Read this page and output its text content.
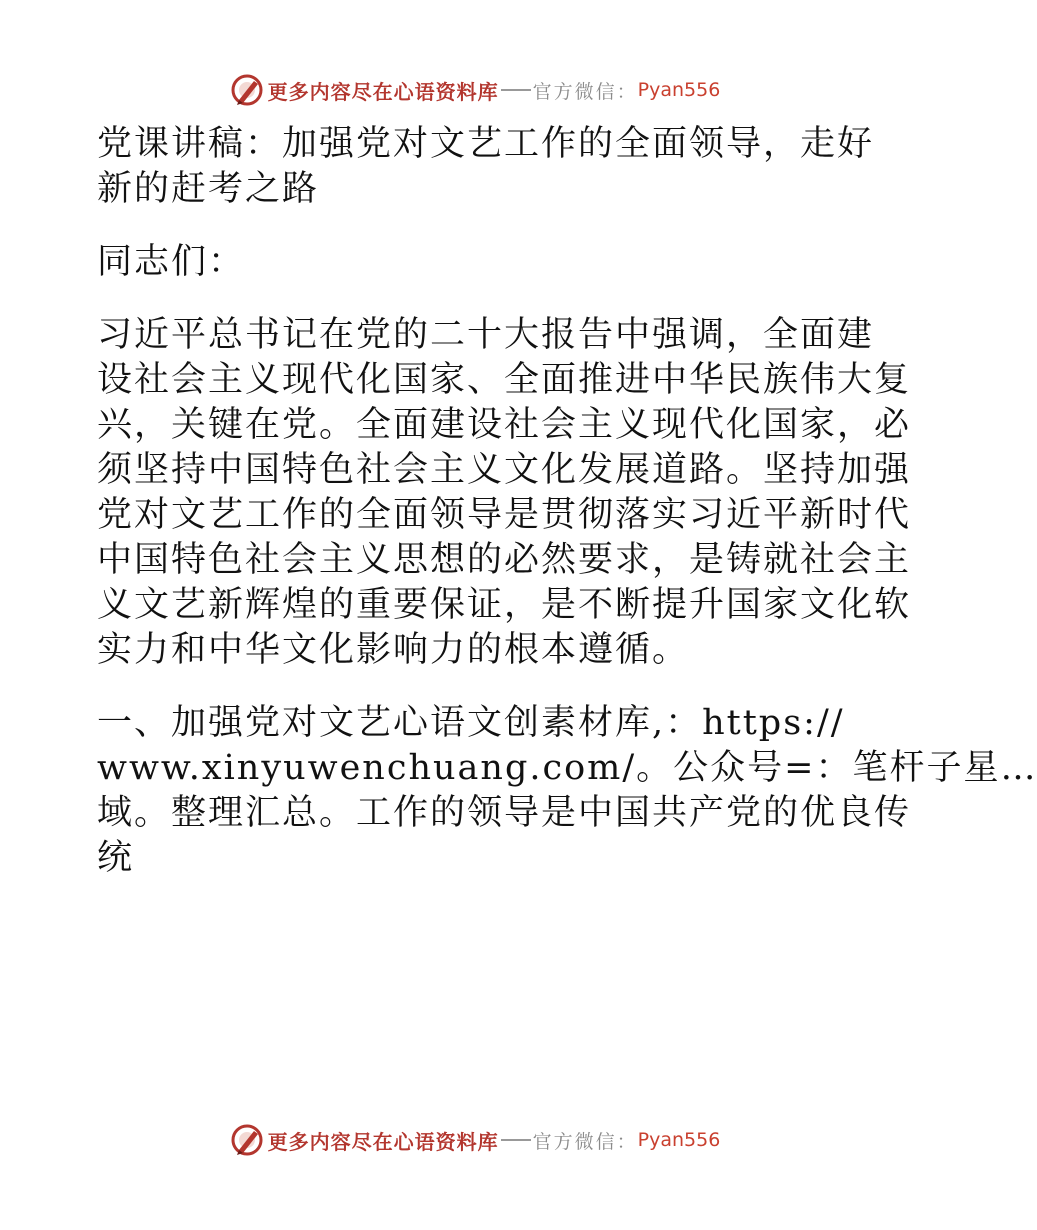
更多内容尽在心语资料库 官方微信： Pyan556
党课讲稿：加强党对文艺工作的全面领导，走好
新的赶考之路
同志们：
习近平总书记在党的二十大报告中强调，全面建
设社会主义现代化国家、全面推进中华民族伟大复
兴，关键在党。全面建设社会主义现代化国家，必
须坚持中国特色社会主义文化发展道路。坚持加强
党对文艺工作的全面领导是贯彻落实习近平新时代
中国特色社会主义思想的必然要求，是铸就社会主
义文艺新辉煌的重要保证，是不断提升国家文化软
实力和中华文化影响力的根本遵循。
一、加强党对文艺心语文创素材库,：https://
www.xinyuwenchuang.com/。公众号=：笔杆子星…
域。整理汇总。工作的领导是中国共产党的优良传
统
更多内容尽在心语资料库 官方微信： Pyan556
